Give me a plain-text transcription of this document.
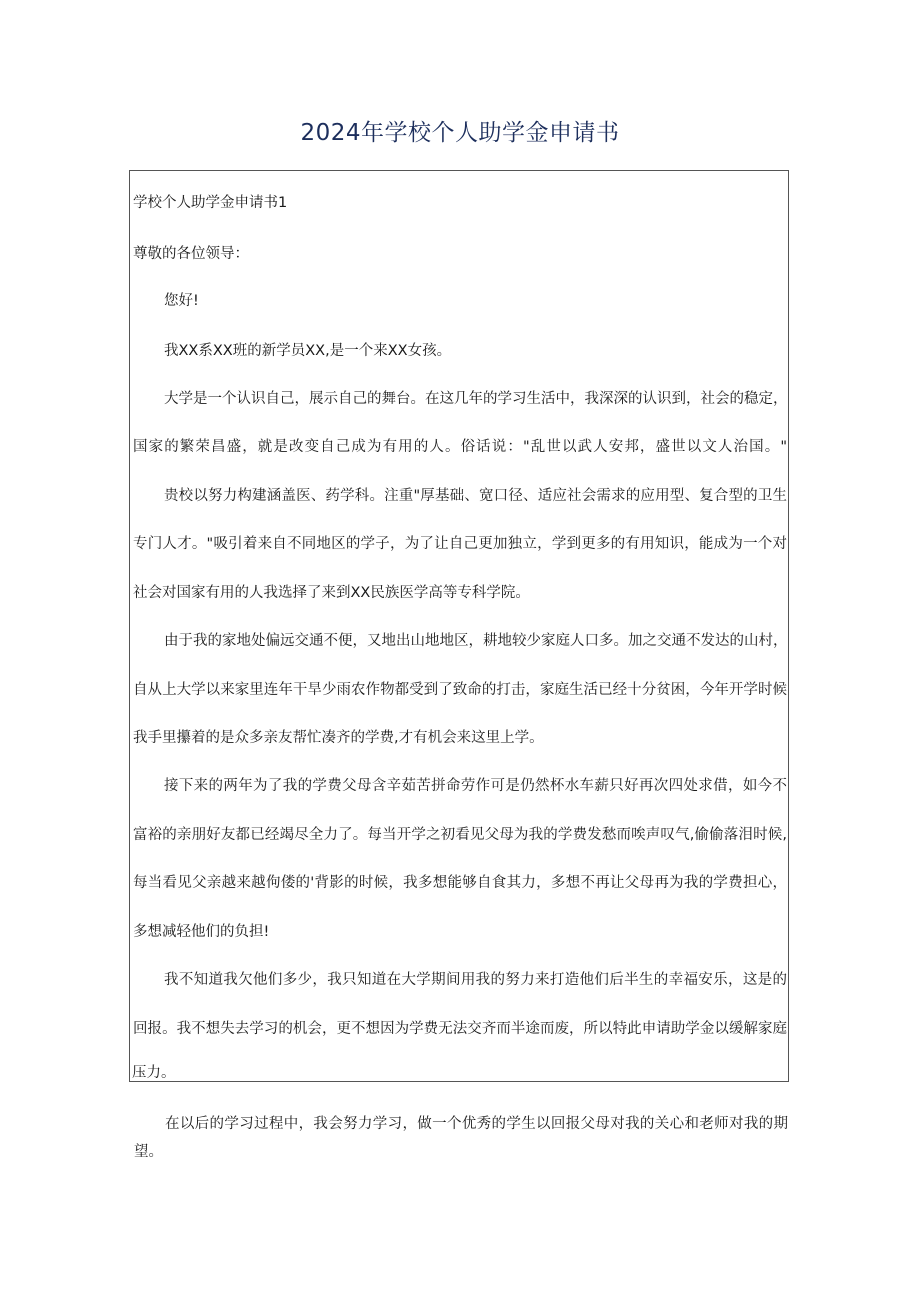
2024年学校个人助学金申请书
学校个人助学金申请书1
尊敬的各位领导：
您好!
我XX系XX班的新学员XX,是一个来XX女孩。
大学是一个认识自己，展示自己的舞台。在这几年的学习生活中，我深深的认识到，社会的稳定，
国家的繁荣昌盛，就是改变自己成为有用的人。俗话说："乱世以武人安邦，盛世以文人治国。"
贵校以努力构建涵盖医、药学科。注重"厚基础、宽口径、适应社会需求的应用型、复合型的卫生
专门人才。"吸引着来自不同地区的学子，为了让自己更加独立，学到更多的有用知识，能成为一个对
社会对国家有用的人我选择了来到XX民族医学高等专科学院。
由于我的家地处偏远交通不便，又地出山地地区，耕地较少家庭人口多。加之交通不发达的山村，
自从上大学以来家里连年干旱少雨农作物都受到了致命的打击，家庭生活已经十分贫困，今年开学时候
我手里攥着的是众多亲友帮忙凑齐的学费,才有机会来这里上学。
接下来的两年为了我的学费父母含辛茹苦拼命劳作可是仍然杯水车薪只好再次四处求借，如今不
富裕的亲朋好友都已经竭尽全力了。每当开学之初看见父母为我的学费发愁而唉声叹气,偷偷落泪时候,
每当看见父亲越来越佝偻的'背影的时候，我多想能够自食其力，多想不再让父母再为我的学费担心，
多想减轻他们的负担!
我不知道我欠他们多少，我只知道在大学期间用我的努力来打造他们后半生的幸福安乐，这是的
回报。我不想失去学习的机会，更不想因为学费无法交齐而半途而废，所以特此申请助学金以缓解家庭
压力。
在以后的学习过程中，我会努力学习，做一个优秀的学生以回报父母对我的关心和老师对我的期
望。
